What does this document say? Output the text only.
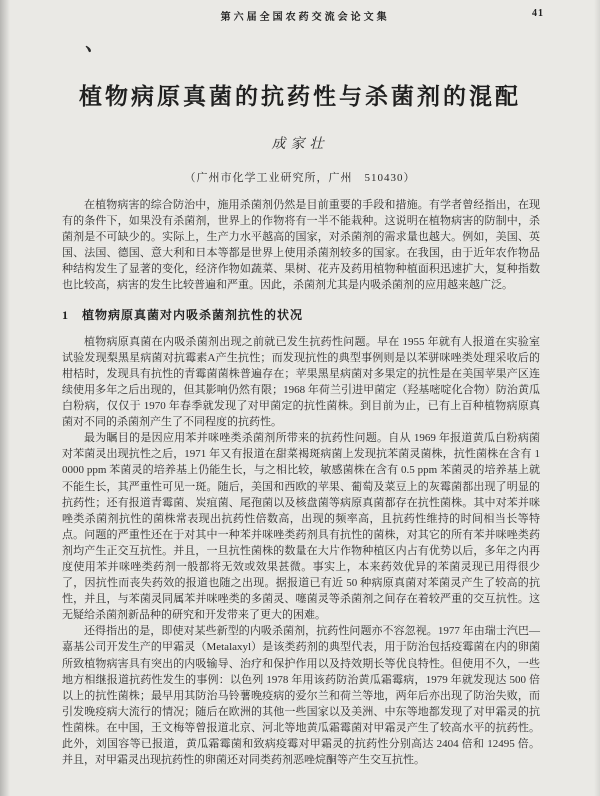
第六届全国农药交流会论文集	41
、
植物病原真菌的抗药性与杀菌剂的混配
成家壮
（广州市化学工业研究所，广州　510430）

在植物病害的综合防治中，施用杀菌剂仍然是目前重要的手段和措施。有学者曾经指出，在现有的条件下，如果没有杀菌剂，世界上的作物将有一半不能栽种。这说明在植物病害的防制中，杀菌剂是不可缺少的。实际上，生产力水平越高的国家，对杀菌剂的需求量也越大。例如，美国、英国、法国、德国、意大利和日本等都是世界上使用杀菌剂较多的国家。在我国，由于近年农作物品种结构发生了显著的变化，经济作物如蔬菜、果树、花卉及药用植物种植面积迅速扩大，复种指数也比较高，病害的发生比较普遍和严重。因此，杀菌剂尤其是内吸杀菌剂的应用越来越广泛。

1　植物病原真菌对内吸杀菌剂抗性的状况

植物病原真菌在内吸杀菌剂出现之前就已发生抗药性问题。早在 1955 年就有人报道在实验室试验发现梨黑星病菌对抗霉素A产生抗性；而发现抗性的典型事例则是以苯骈咪唑类处理采收后的柑桔时，发现具有抗性的青霉菌菌株普遍存在；苹果黑星病菌对多果定的抗性是在美国苹果产区连续使用多年之后出现的，但其影响仍然有限；1968 年荷兰引进甲菌定（羟基嘧啶化合物）防治黄瓜白粉病，仅仅于 1970 年春季就发现了对甲菌定的抗性菌株。到目前为止，已有上百种植物病原真菌对不同的杀菌剂产生了不同程度的抗药性。

最为瞩目的是因应用苯并咪唑类杀菌剂所带来的抗药性问题。自从 1969 年报道黄瓜白粉病菌对苯菌灵出现抗性之后，1971 年又有报道在甜菜褐斑病菌上发现抗苯菌灵菌株，抗性菌株在含有 10000 ppm 苯菌灵的培养基上仍能生长，与之相比较，敏感菌株在含有 0.5 ppm 苯菌灵的培养基上就不能生长，其严重性可见一斑。随后，美国和西欧的苹果、葡萄及菜豆上的灰霉菌都出现了明显的抗药性；还有报道青霉菌、炭疽菌、尾孢菌以及核盘菌等病原真菌都存在抗性菌株。其中对苯并咪唑类杀菌剂抗性的菌株常表现出抗药性倍数高，出现的频率高，且抗药性维持的时间相当长等特点。问题的严重性还在于对其中一种苯并咪唑类药剂具有抗性的菌株，对其它的所有苯并咪唑类药剂均产生正交互抗性。并且，一旦抗性菌株的数量在大片作物种植区内占有优势以后，多年之内再度使用苯并咪唑类药剂一般都将无效或效果甚微。事实上，本来药效优异的苯菌灵现已用得很少了，因抗性而丧失药效的报道也随之出现。据报道已有近 50 种病原真菌对苯菌灵产生了较高的抗性，并且，与苯菌灵同属苯并咪唑类的多菌灵、噻菌灵等杀菌剂之间存在着较严重的交互抗性。这无疑给杀菌剂新品种的研究和开发带来了更大的困难。

还得指出的是，即使对某些新型的内吸杀菌剂，抗药性问题亦不容忽视。1977 年由瑞士汽巴—嘉基公司开发生产的甲霜灵（Metalaxyl）是该类药剂的典型代表，用于防治包括疫霉菌在内的卵菌所致植物病害具有突出的内吸输导、治疗和保护作用以及持效期长等优良特性。但使用不久，一些地方相继报道抗药性发生的事例：以色列 1978 年用该药防治黄瓜霜霉病，1979 年就发现达 500 倍以上的抗性菌株；最早用其防治马铃薯晚疫病的爱尔兰和荷兰等地，两年后亦出现了防治失败，而引发晚疫病大流行的情况；随后在欧洲的其他一些国家以及美洲、中东等地都发现了对甲霜灵的抗性菌株。在中国，王文梅等曾报道北京、河北等地黄瓜霜霉菌对甲霜灵产生了较高水平的抗药性。此外，刘国容等已报道，黄瓜霜霉菌和致病疫霉对甲霜灵的抗药性分别高达 2404 倍和 12495 倍。并且，对甲霜灵出现抗药性的卵菌还对同类药剂恶唑烷酮等产生交互抗性。
